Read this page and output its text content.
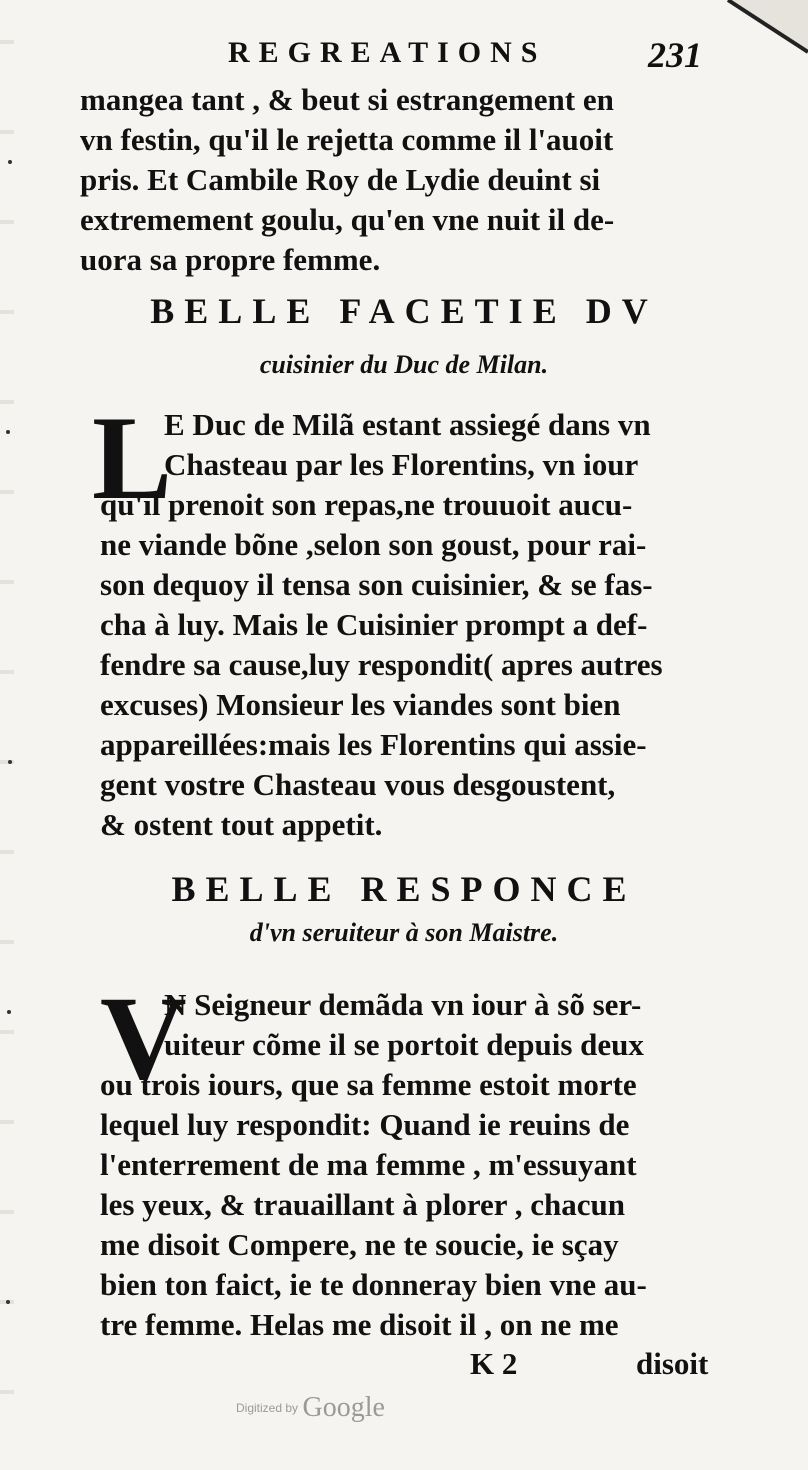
REGREATIONS	231
mangea tant , & beut si estrangement en
vn festin, qu'il le rejetta comme il l'auoit
pris. Et Cambile Roy de Lydie deuint si
extremement goulu, qu'en vne nuit il de-
uora sa propre femme.
BELLE FACETIE DV
cuisinier du Duc de Milan.
L
E Duc de Milã estant assiegé dans vn
Chasteau par les Florentins, vn iour
qu'il prenoit son repas,ne trouuoit aucu-
ne viande bõne ,selon son goust, pour rai-
son dequoy il tensa son cuisinier, & se fas-
cha à luy. Mais le Cuisinier prompt a def-
fendre sa cause,luy respondit( apres autres
excuses) Monsieur les viandes sont bien
appareillées:mais les Florentins qui assie-
gent vostre Chasteau vous desgoustent,
& ostent tout appetit.
BELLE RESPONCE
d'vn seruiteur à son Maistre.
V
N Seigneur demãda vn iour à sõ ser-
uiteur cõme il se portoit depuis deux
ou trois iours, que sa femme estoit morte
lequel luy respondit: Quand ie reuins de
l'enterrement de ma femme , m'essuyant
les yeux, & trauaillant à plorer , chacun
me disoit Compere, ne te soucie, ie sçay
bien ton faict, ie te donneray bien vne au-
tre femme. Helas me disoit il , on ne me
K 2	disoit
Digitized by Google
